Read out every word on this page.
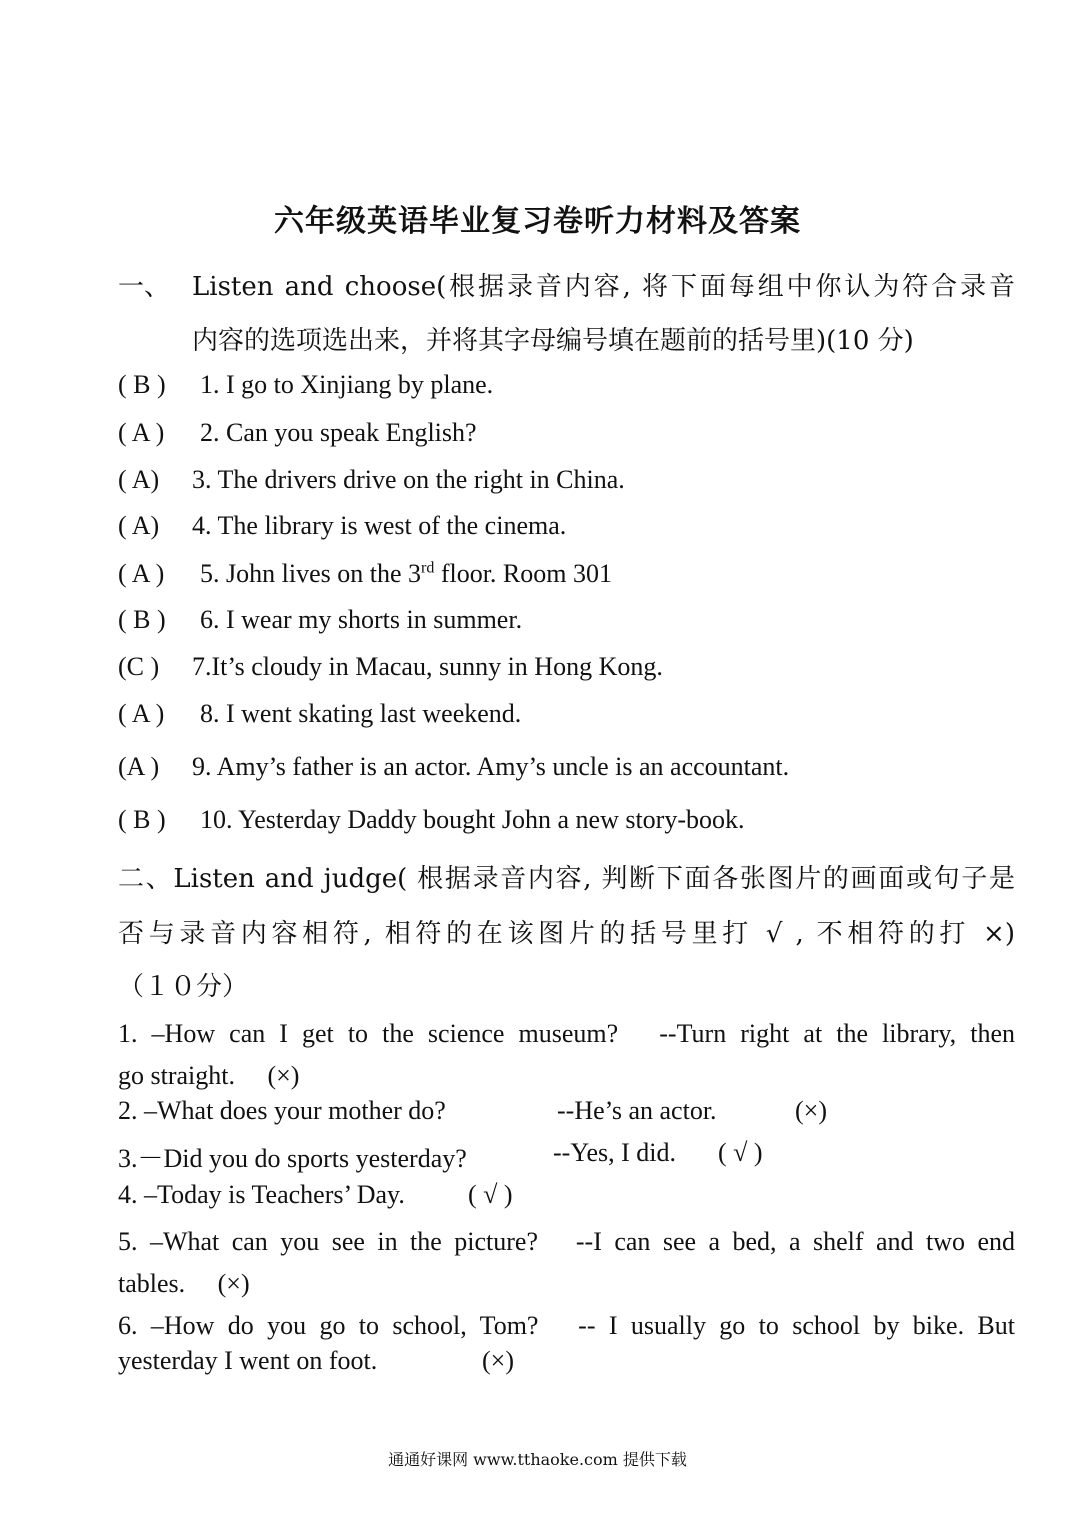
六年级英语毕业复习卷听力材料及答案
一、 Listen and choose(根据录音内容, 将下面每组中你认为符合录音
内容的选项选出来，并将其字母编号填在题前的括号里)(10 分)
( B ) 1. I go to Xinjiang by plane.
( A ) 2. Can you speak English?
( A) 3. The drivers drive on the right in China.
( A) 4. The library is west of the cinema.
( A ) 5. John lives on the 3rd floor. Room 301
( B ) 6. I wear my shorts in summer.
(C ) 7.It’s cloudy in Macau, sunny in Hong Kong.
( A ) 8. I went skating last weekend.
(A ) 9. Amy’s father is an actor. Amy’s uncle is an accountant.
( B ) 10. Yesterday Daddy bought John a new story-book.
二、Listen and judge( 根据录音内容, 判断下面各张图片的画面或句子是
否与录音内容相符, 相符的在该图片的括号里打 √ , 不相符的打 ×)
（１０分）
1. –How can I get to the science museum?　--Turn right at the library, then
go straight.　 (×)
2. –What does your mother do?	--He’s an actor.	(×)
3.－Did you do sports yesterday?	--Yes, I did. ( √ )
4. –Today is Teachers’ Day. ( √ )
5. –What can you see in the picture?　--I can see a bed, a shelf and two end
tables.　 (×)
6. –How do you go to school, Tom?　-- I usually go to school by bike. But
yesterday I went on foot.	(×)
通通好课网 www.tthaoke.com 提供下载
